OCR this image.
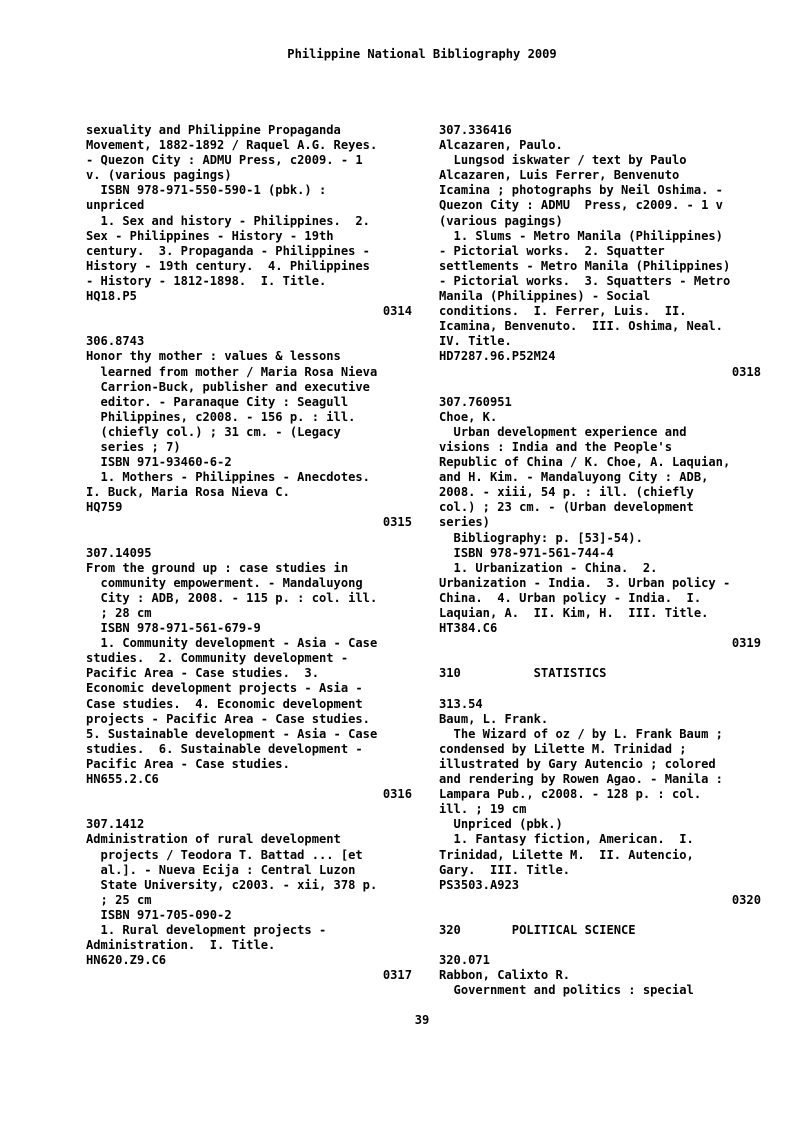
Philippine National Bibliography 2009
sexuality and Philippine Propaganda
Movement, 1882-1892 / Raquel A.G. Reyes.
- Quezon City : ADMU Press, c2009. - 1
v. (various pagings)
ISBN 978-971-550-590-1 (pbk.) :
unpriced
1. Sex and history - Philippines.  2.
Sex - Philippines - History - 19th
century.  3. Propaganda - Philippines -
History - 19th century.  4. Philippines
- History - 1812-1898.  I. Title.
HQ18.P5
0314
306.8743
Honor thy mother : values & lessons
learned from mother / Maria Rosa Nieva
Carrion-Buck, publisher and executive
editor. - Paranaque City : Seagull
Philippines, c2008. - 156 p. : ill.
(chiefly col.) ; 31 cm. - (Legacy
series ; 7)
ISBN 971-93460-6-2
1. Mothers - Philippines - Anecdotes.
I. Buck, Maria Rosa Nieva C.
HQ759
0315
307.14095
From the ground up : case studies in
community empowerment. - Mandaluyong
City : ADB, 2008. - 115 p. : col. ill.
; 28 cm
ISBN 978-971-561-679-9
1. Community development - Asia - Case
studies.  2. Community development -
Pacific Area - Case studies.  3.
Economic development projects - Asia -
Case studies.  4. Economic development
projects - Pacific Area - Case studies.
5. Sustainable development - Asia - Case
studies.  6. Sustainable development -
Pacific Area - Case studies.
HN655.2.C6
0316
307.1412
Administration of rural development
projects / Teodora T. Battad ... [et
al.]. - Nueva Ecija : Central Luzon
State University, c2003. - xii, 378 p.
; 25 cm
ISBN 971-705-090-2
1. Rural development projects -
Administration.  I. Title.
HN620.Z9.C6
0317
307.336416
Alcazaren, Paulo.
Lungsod iskwater / text by Paulo
Alcazaren, Luis Ferrer, Benvenuto
Icamina ; photographs by Neil Oshima. -
Quezon City : ADMU  Press, c2009. - 1 v
(various pagings)
1. Slums - Metro Manila (Philippines)
- Pictorial works.  2. Squatter
settlements - Metro Manila (Philippines)
- Pictorial works.  3. Squatters - Metro
Manila (Philippines) - Social
conditions.  I. Ferrer, Luis.  II.
Icamina, Benvenuto.  III. Oshima, Neal.
IV. Title.
HD7287.96.P52M24
0318
307.760951
Choe, K.
Urban development experience and
visions : India and the People's
Republic of China / K. Choe, A. Laquian,
and H. Kim. - Mandaluyong City : ADB,
2008. - xiii, 54 p. : ill. (chiefly
col.) ; 23 cm. - (Urban development
series)
Bibliography: p. [53]-54).
ISBN 978-971-561-744-4
1. Urbanization - China.  2.
Urbanization - India.  3. Urban policy -
China.  4. Urban policy - India.  I.
Laquian, A.  II. Kim, H.  III. Title.
HT384.C6
0319
310          STATISTICS
313.54
Baum, L. Frank.
The Wizard of oz / by L. Frank Baum ;
condensed by Lilette M. Trinidad ;
illustrated by Gary Autencio ; colored
and rendering by Rowen Agao. - Manila :
Lampara Pub., c2008. - 128 p. : col.
ill. ; 19 cm
Unpriced (pbk.)
1. Fantasy fiction, American.  I.
Trinidad, Lilette M.  II. Autencio,
Gary.  III. Title.
PS3503.A923
0320
320       POLITICAL SCIENCE
320.071
Rabbon, Calixto R.
Government and politics : special
39
